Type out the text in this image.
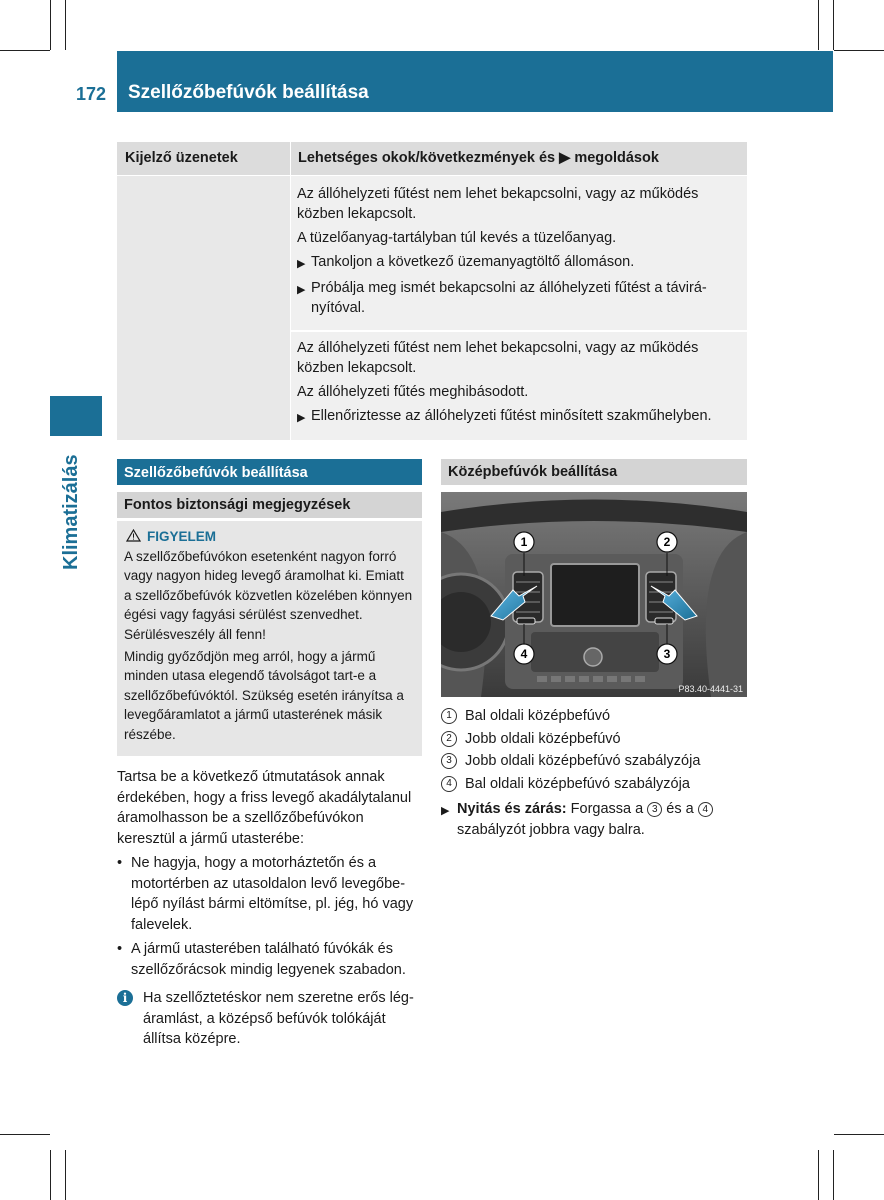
172 Szellőzőbefúvók beállítása
Klimatizálás
Kijelző üzenetek	Lehetséges okok/következmények és ▶ megoldások

Az állóhelyzeti fűtést nem lehet bekapcsolni, vagy az működés közben lekapcsolt.

A tüzelőanyag-tartályban túl kevés a tüzelőanyag.

▶ Tankoljon a következő üzemanyagtöltő állomáson.
▶ Próbálja meg ismét bekapcsolni az állóhelyzeti fűtést a távirányítóval.

Az állóhelyzeti fűtést nem lehet bekapcsolni, vagy az működés közben lekapcsolt.

Az állóhelyzeti fűtés meghibásodott.

▶ Ellenőriztesse az állóhelyzeti fűtést minősített szakműhelyben.
Szellőzőbefúvók beállítása
Fontos biztonsági megjegyzések
FIGYELEM

A szellőzőbefúvókon esetenként nagyon forró vagy nagyon hideg levegő áramolhat ki. Emiatt a szellőzőbefúvók közvetlen közelében könnyen égési vagy fagyási sérülést szenvedhet. Sérülésveszély áll fenn!

Mindig győződjön meg arról, hogy a jármű minden utasa elegendő távolságot tart-e a szellőzőbefúvóktól. Szükség esetén irányítsa a levegőáramlatot a jármű utasterének másik részébe.

Tartsa be a következő útmutatások annak érdekében, hogy a friss levegő akadálytalanul áramolhasson be a szellőzőbefúvókon keresztül a jármű utasterébe:

• Ne hagyja, hogy a motorháztetőn és a motortérben az utasoldalon levő levegőbelépő nyílást bármi eltömítse, pl. jég, hó vagy falevelek.
• A jármű utasterében található fúvókák és szellőzőrácsok mindig legyenek szabadon.
i	Ha szellőztetéskor nem szeretne erős légáramlást, a középső befúvók tolókáját állítsa középre.
Középbefúvók beállítása
1	2
3
4
P83.40-4441-31
1 Bal oldali középbefúvó
2 Jobb oldali középbefúvó
3 Jobb oldali középbefúvó szabályzója
4 Bal oldali középbefúvó szabályzója
▶ Nyitás és zárás: Forgassa a 3 és a 4 szabályzót jobbra vagy balra.
